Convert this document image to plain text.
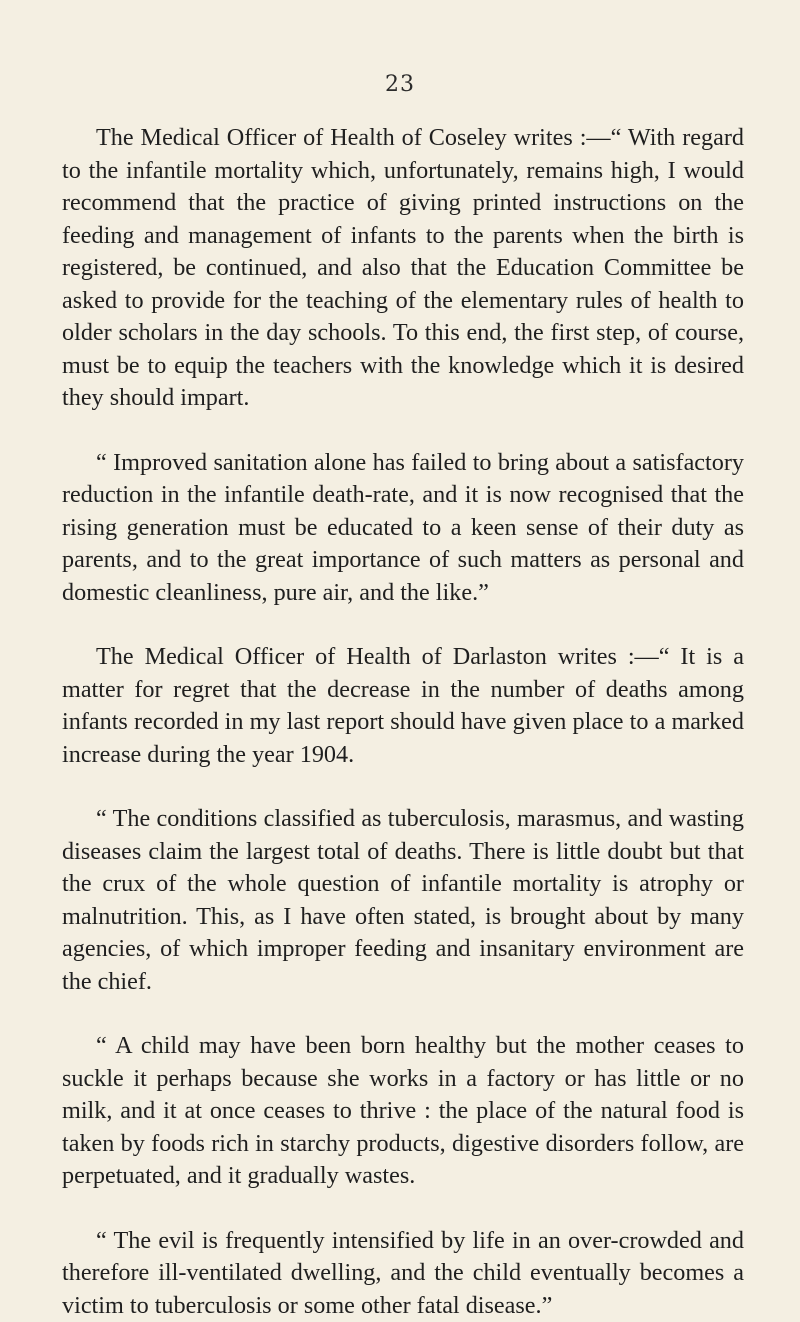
23

The Medical Officer of Health of Coseley writes :—“ With regard to the infantile mortality which, unfortunately, remains high, I would recommend that the practice of giving printed instructions on the feeding and management of infants to the parents when the birth is registered, be continued, and also that the Education Committee be asked to provide for the teaching of the elementary rules of health to older scholars in the day schools. To this end, the first step, of course, must be to equip the teachers with the knowledge which it is desired they should impart.

“ Improved sanitation alone has failed to bring about a satisfactory reduction in the infantile death-rate, and it is now recognised that the rising generation must be educated to a keen sense of their duty as parents, and to the great importance of such matters as personal and domestic cleanliness, pure air, and the like.”

The Medical Officer of Health of Darlaston writes :—“ It is a matter for regret that the decrease in the number of deaths among infants recorded in my last report should have given place to a marked increase during the year 1904.

“ The conditions classified as tuberculosis, marasmus, and wasting diseases claim the largest total of deaths. There is little doubt but that the crux of the whole question of infantile mortality is atrophy or malnutrition. This, as I have often stated, is brought about by many agencies, of which improper feeding and insanitary environment are the chief.

“ A child may have been born healthy but the mother ceases to suckle it perhaps because she works in a factory or has little or no milk, and it at once ceases to thrive : the place of the natural food is taken by foods rich in starchy products, digestive disorders follow, are perpetuated, and it gradually wastes.

“ The evil is frequently intensified by life in an over-crowded and therefore ill-ventilated dwelling, and the child eventually becomes a victim to tuberculosis or some other fatal disease.”
